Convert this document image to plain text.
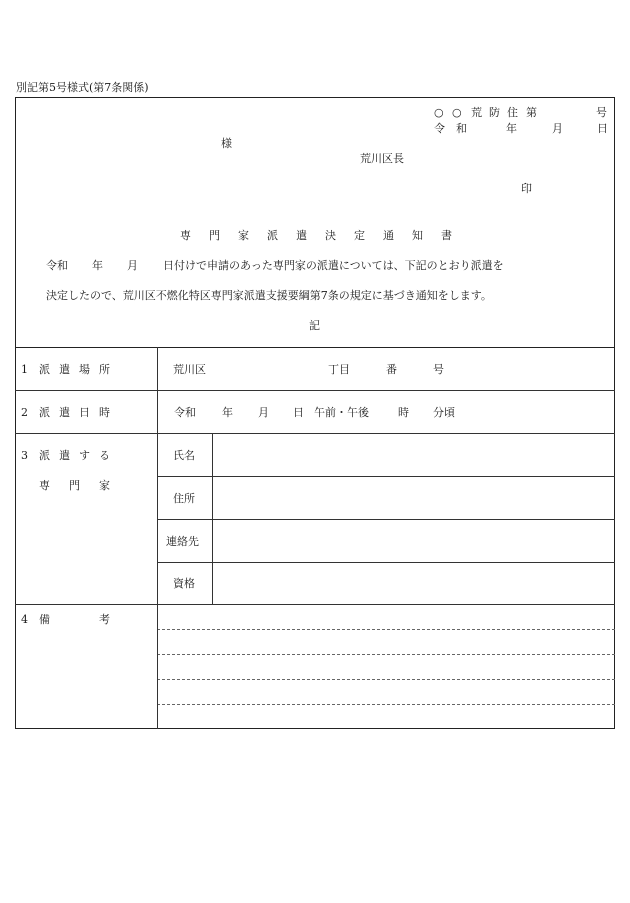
別記第5号様式(第7条関係)
○ ○ 荒 防 住 第	号
令 和	年	月	日
様
荒川区長
印
専 門 家 派 遣 決 定 通 知 書
令和 年 月 日付けで申請のあった専門家の派遣については、下記のとおり派遣を
決定したので、荒川区不燃化特区専門家派遣支援要綱第7条の規定に基づき通知をします。
記
1 派 遣 場 所	荒川区	丁目	番	号
2 派 遣 日 時	令和 年 月 日 午前・午後	時 分頃
3 派 遣 す る
専 門 家
氏名
住所
連絡先
資格
4 備	考
